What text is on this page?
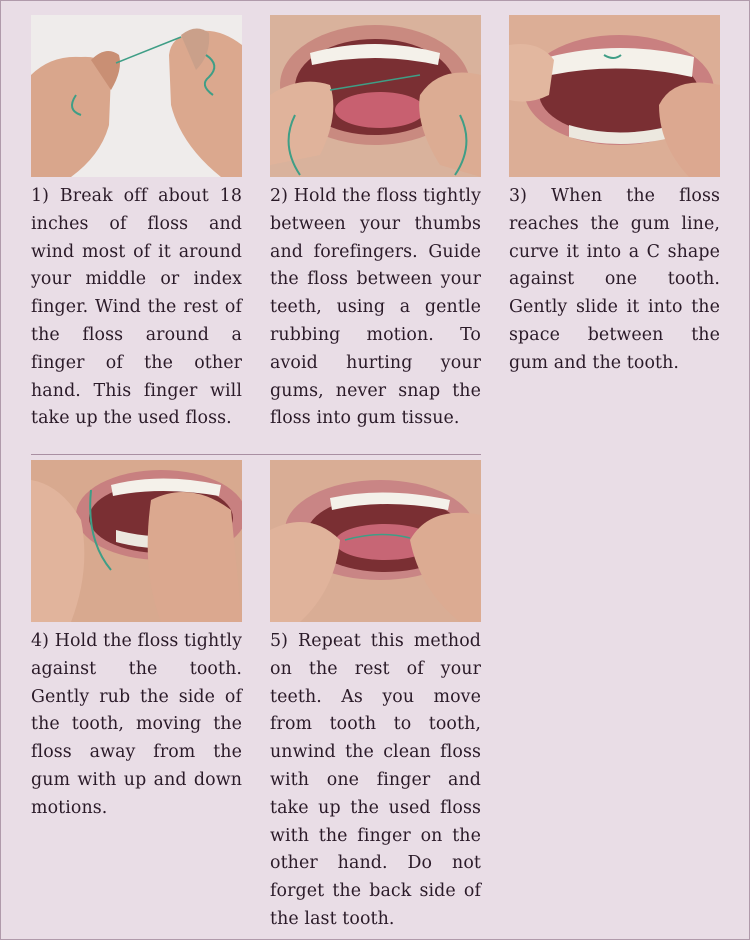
1) Break off about 18 inches of floss and wind most of it around your middle or index finger. Wind the rest of the floss around a finger of the other hand. This finger will take up the used floss.

2) Hold the floss tightly between your thumbs and forefingers. Guide the floss between your teeth, using a gentle rubbing motion. To avoid hurting your gums, never snap the floss into gum tissue.

3) When the floss reaches the gum line, curve it into a C shape against one tooth. Gently slide it into the space between the gum and the tooth.

4) Hold the floss tightly against the tooth. Gently rub the side of the tooth, moving the floss away from the gum with up and down motions.

5) Repeat this method on the rest of your teeth. As you move from tooth to tooth, unwind the clean floss with one finger and take up the used floss with the finger on the other hand. Do not forget the back side of the last tooth.
